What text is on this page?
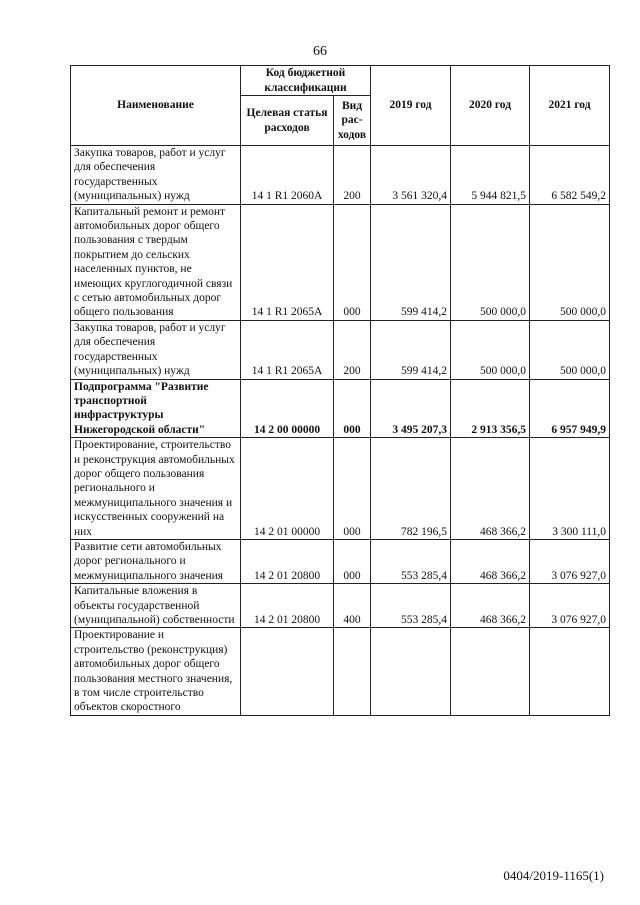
66
Наименование	Код бюджетной классификации		2019 год	2020 год	2021 год
	Целевая статья расходов	Вид рас-ходов			
Закупка товаров, работ и услуг для обеспечения государственных (муниципальных) нужд	14 1 R1 2060A	200	3 561 320,4	5 944 821,5	6 582 549,2
Капитальный ремонт и ремонт автомобильных дорог общего пользования с твердым покрытием до сельских населенных пунктов, не имеющих круглогодичной связи с сетью автомобильных дорог общего пользования	14 1 R1 2065A	000	599 414,2	500 000,0	500 000,0
Закупка товаров, работ и услуг для обеспечения государственных (муниципальных) нужд	14 1 R1 2065A	200	599 414,2	500 000,0	500 000,0
Подпрограмма "Развитие транспортной инфраструктуры Нижегородской области"	14 2 00 00000	000	3 495 207,3	2 913 356,5	6 957 949,9
Проектирование, строительство и реконструкция автомобильных дорог общего пользования регионального и межмуниципального значения и искусственных сооружений на них	14 2 01 00000	000	782 196,5	468 366,2	3 300 111,0
Развитие сети автомобильных дорог регионального и межмуниципального значения	14 2 01 20800	000	553 285,4	468 366,2	3 076 927,0
Капитальные вложения в объекты государственной (муниципальной) собственности	14 2 01 20800	400	553 285,4	468 366,2	3 076 927,0
Проектирование и строительство (реконструкция) автомобильных дорог общего пользования местного значения, в том числе строительство объектов скоростного					
0404/2019-1165(1)
